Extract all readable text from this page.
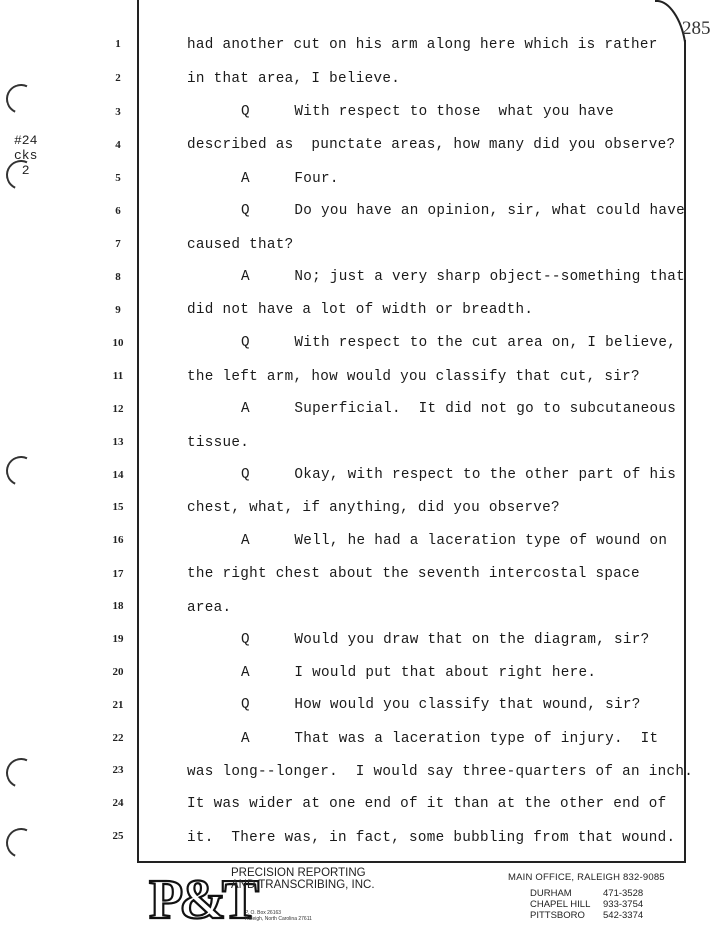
#24
cks
2
285
1	had another cut on his arm along here which is rather
2	in that area, I believe.
3	Q     With respect to those  what you have
4	described as  punctate areas, how many did you observe?
5	A     Four.
6	Q     Do you have an opinion, sir, what could have
7	caused that?
8	A     No; just a very sharp object--something that
9	did not have a lot of width or breadth.
10	Q     With respect to the cut area on, I believe,
11	the left arm, how would you classify that cut, sir?
12	A     Superficial.  It did not go to subcutaneous
13	tissue.
14	Q     Okay, with respect to the other part of his
15	chest, what, if anything, did you observe?
16	A     Well, he had a laceration type of wound on
17	the right chest about the seventh intercostal space
18	area.
19	Q     Would you draw that on the diagram, sir?
20	A     I would put that about right here.
21	Q     How would you classify that wound, sir?
22	A     That was a laceration type of injury.  It
23	was long--longer.  I would say three-quarters of an inch.
24	It was wider at one end of it than at the other end of
25	it.  There was, in fact, some bubbling from that wound.
P&T
PRECISION REPORTING
AND TRANSCRIBING, INC.
P. O. Box 26163
Raleigh, North Carolina 27611
MAIN OFFICE, RALEIGH 832-9085
DURHAM	471-3528
CHAPEL HILL	933-3754
PITTSBORO	542-3374
